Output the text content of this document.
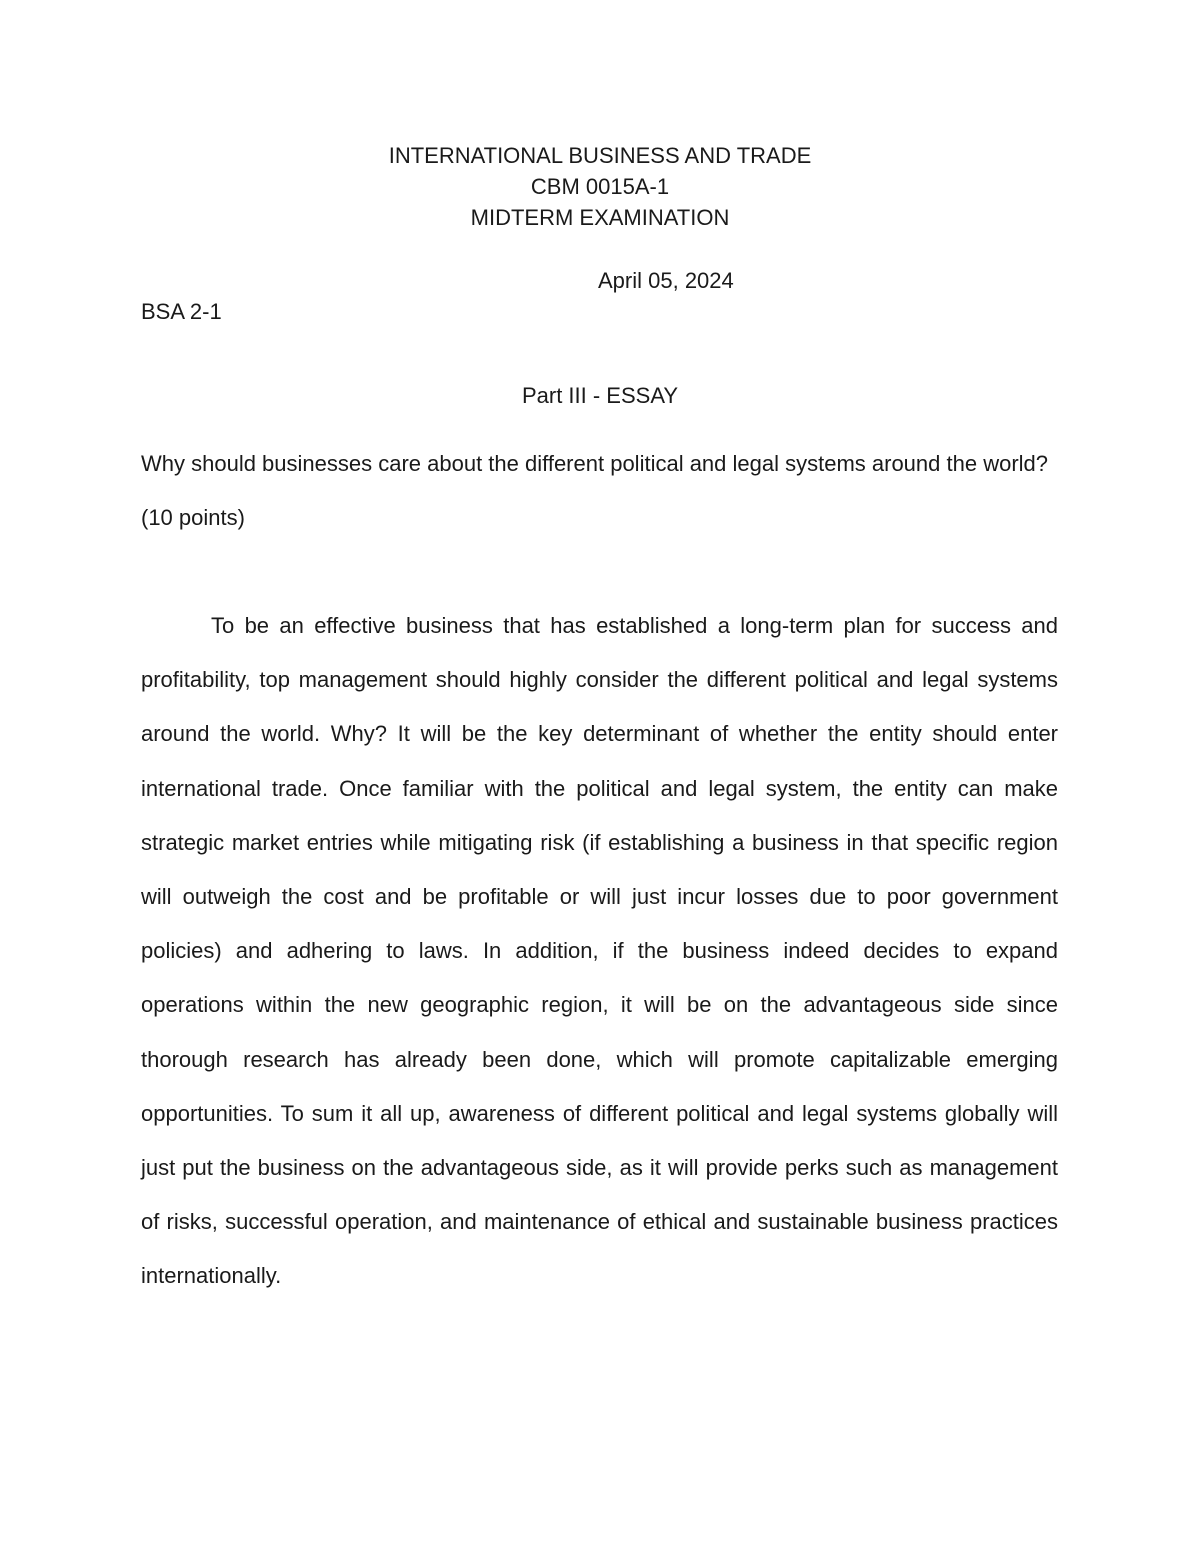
INTERNATIONAL BUSINESS AND TRADE
CBM 0015A-1
MIDTERM EXAMINATION
April 05, 2024
BSA 2-1
Part III - ESSAY
Why should businesses care about the different political and legal systems around the world? (10 points)

To be an effective business that has established a long-term plan for success and profitability, top management should highly consider the different political and legal systems around the world. Why? It will be the key determinant of whether the entity should enter international trade. Once familiar with the political and legal system, the entity can make strategic market entries while mitigating risk (if establishing a business in that specific region will outweigh the cost and be profitable or will just incur losses due to poor government policies) and adhering to laws. In addition, if the business indeed decides to expand operations within the new geographic region, it will be on the advantageous side since thorough research has already been done, which will promote capitalizable emerging opportunities. To sum it all up, awareness of different political and legal systems globally will just put the business on the advantageous side, as it will provide perks such as management of risks, successful operation, and maintenance of ethical and sustainable business practices internationally.
